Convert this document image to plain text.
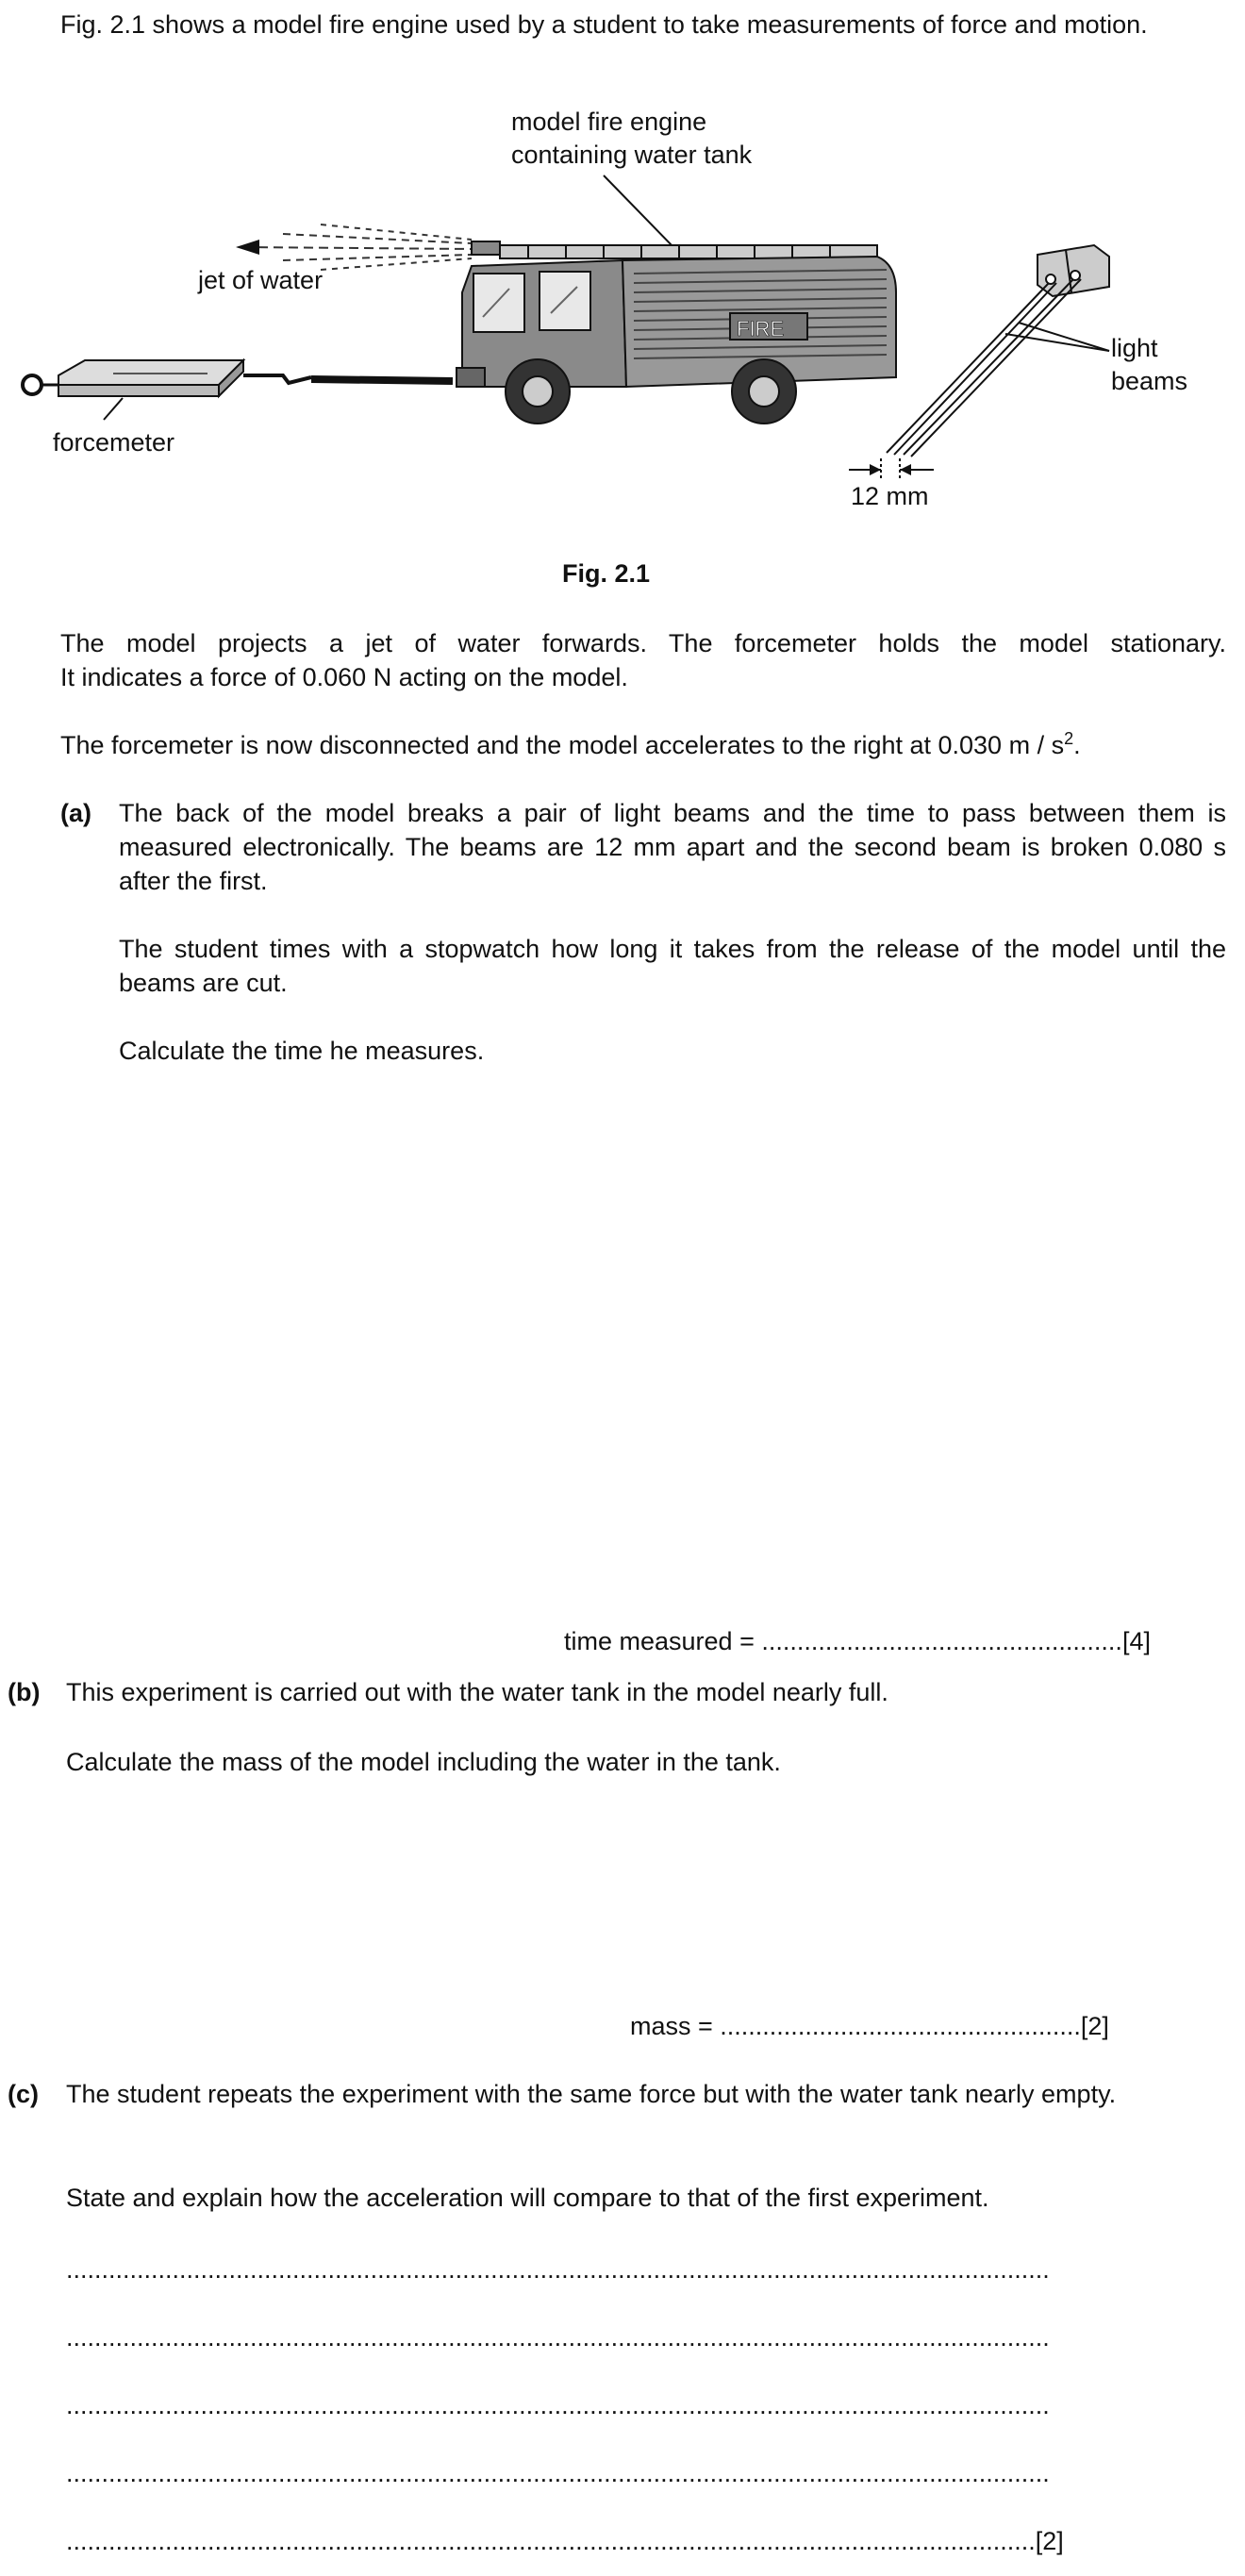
Fig. 2.1 shows a model fire engine used by a student to take measurements of force and motion.
model fire engine
containing water tank
jet of water
forcemeter
light
beams
12 mm
FIRE
Fig. 2.1
The model projects a jet of water forwards. The forcemeter holds the model stationary.
It indicates a force of 0.060 N acting on the model.
The forcemeter is now disconnected and the model accelerates to the right at 0.030 m / $s^2$.
(a) The back of the model breaks a pair of light beams and the time to pass between them is measured electronically. The beams are 12 mm apart and the second beam is broken 0.080 s after the first.
The student times with a stopwatch how long it takes from the release of the model until the beams are cut.
Calculate the time he measures.
time measured = ...................................................[4]
(b) This experiment is carried out with the water tank in the model nearly full.
Calculate the mass of the model including the water in the tank.
mass = ...................................................[2]
(c) The student repeats the experiment with the same force but with the water tank nearly empty.
State and explain how the acceleration will compare to that of the first experiment.
...........................................................................................................................................
...........................................................................................................................................
...........................................................................................................................................
...........................................................................................................................................
.........................................................................................................................................[2]
